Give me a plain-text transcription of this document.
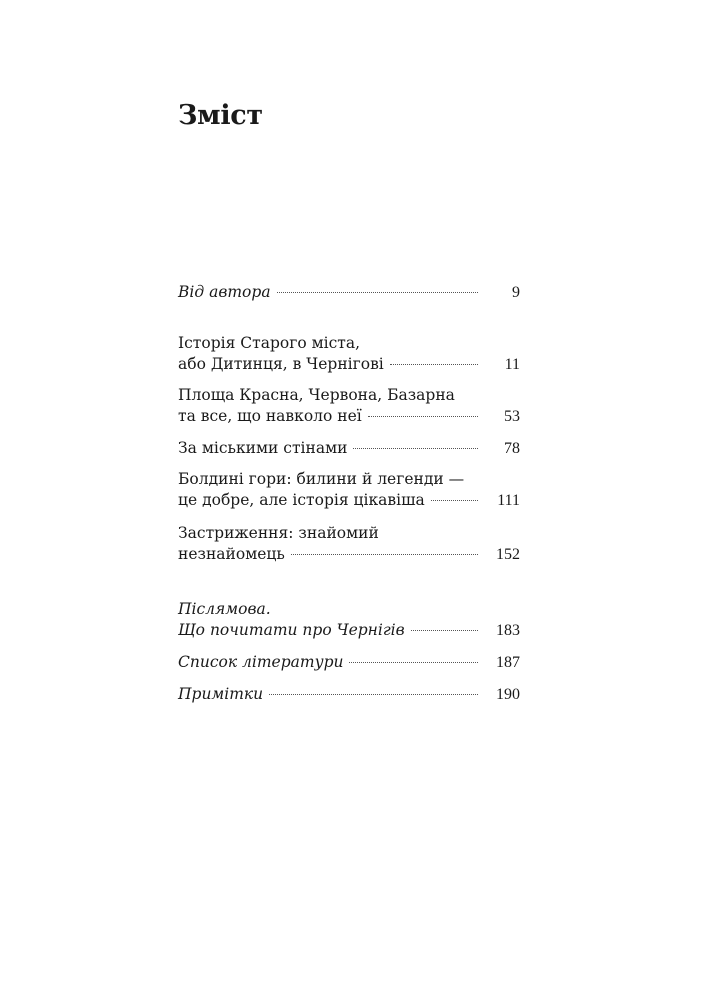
Зміст
Від автора	9
Історія Старого міста,
або Дитинця, в Чернігові	11
Площа Красна, Червона, Базарна
та все, що навколо неї	53
За міськими стінами	78
Болдині гори: билини й легенди —
це добре, але історія цікавіша	111
Застриження: знайомий
незнайомець	152
Післямова.
Що почитати про Чернігів	183
Список літератури	187
Примітки	190
